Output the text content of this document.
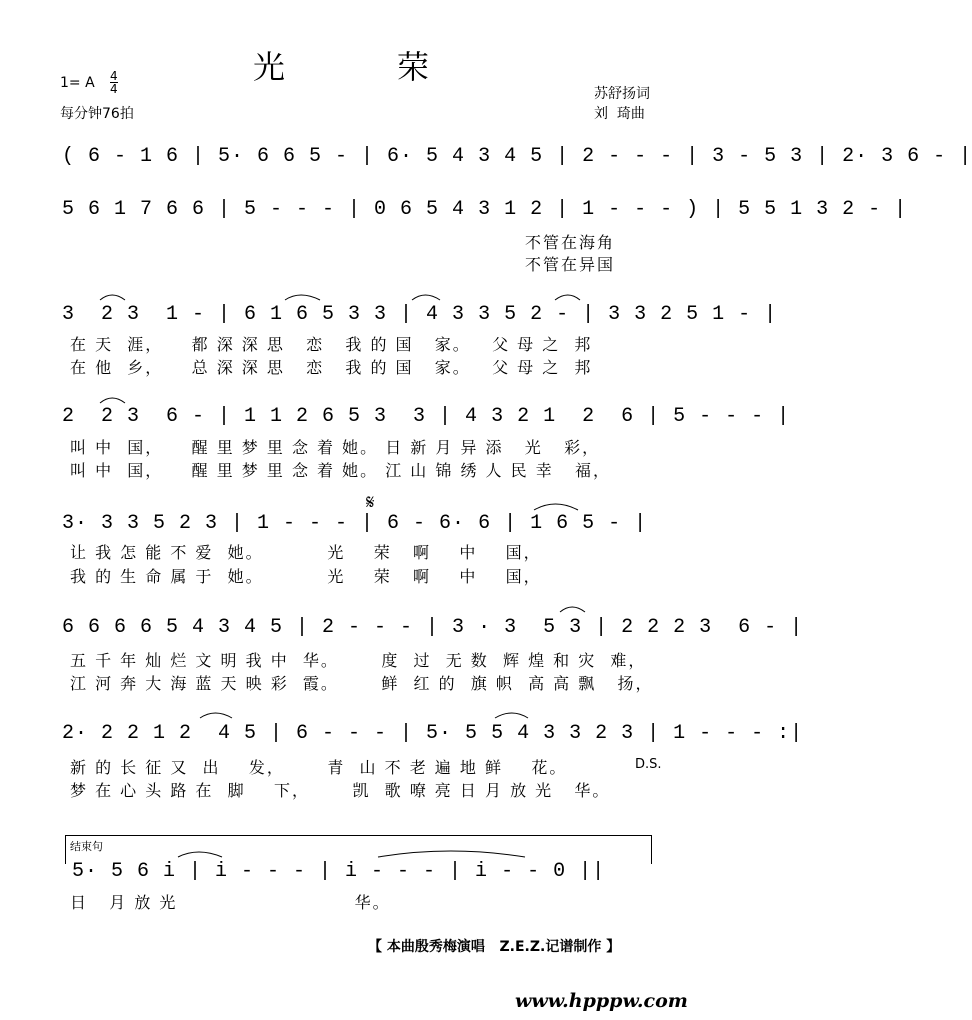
光　荣
1= A $\frac{4}{4}$
每分钟76拍
苏舒扬词
刘  琦曲
( 6 - 1 6 | 5· 6 6 5 - | 6· 5 4 3 4 5 | 2 - - - | 3 - 5 3 | 2· 3 6 - |
5 6 1 7 6 6 | 5 - - - | 0 6 5 4 3 1 2 | 1 - - - ) | 5 5 1 3 2 - |
不管在海角
不管在异国
3  2 3  1 - | 6 1 6 5 3 3 | 4 3 3 5 2 - | 3 3 2 5 1 - |
在 天  涯，    都 深 深 思   恋   我 的 国   家。   父 母 之  邦
在 他  乡，    总 深 深 思   恋   我 的 国   家。   父 母 之  邦
2  2 3  6 - | 1 1 2 6 5 3  3 | 4 3 2 1  2  6 | 5 - - - |
叫 中  国，    醒 里 梦 里 念 着 她。 日 新 月 异 添   光   彩，
叫 中  国，    醒 里 梦 里 念 着 她。 江 山 锦 绣 人 民 幸   福，
𝄋
3· 3 3 5 2 3 | 1 - - - | 6 - 6· 6 | 1 6 5 - |
让 我 怎 能 不 爱  她。         光    荣   啊    中    国，
我 的 生 命 属 于  她。         光    荣   啊    中    国，
6 6 6 6 5 4 3 4 5 | 2 - - - | 3 · 3  5 3 | 2 2 2 3  6 - |
五 千 年 灿 烂 文 明 我 中  华。      度  过  无 数  辉 煌 和 灾  难，
江 河 奔 大 海 蓝 天 映 彩  霞。      鲜  红 的  旗 帜  高 高 飘   扬，
2· 2 2 1 2  4 5 | 6 - - - | 5· 5 5 4 3 3 2 3 | 1 - - - :|
D.S.
新 的 长 征 又  出    发，      青  山 不 老 遍 地 鲜    花。
梦 在 心 头 路 在  脚    下，      凯  歌 嘹 亮 日 月 放 光   华。
结束句
5· 5 6 i | i - - - | i - - - | i - - 0 ||
日   月 放 光                         华。
【 本曲殷秀梅演唱   Z.E.Z.记谱制作 】
www.hpppw.com
